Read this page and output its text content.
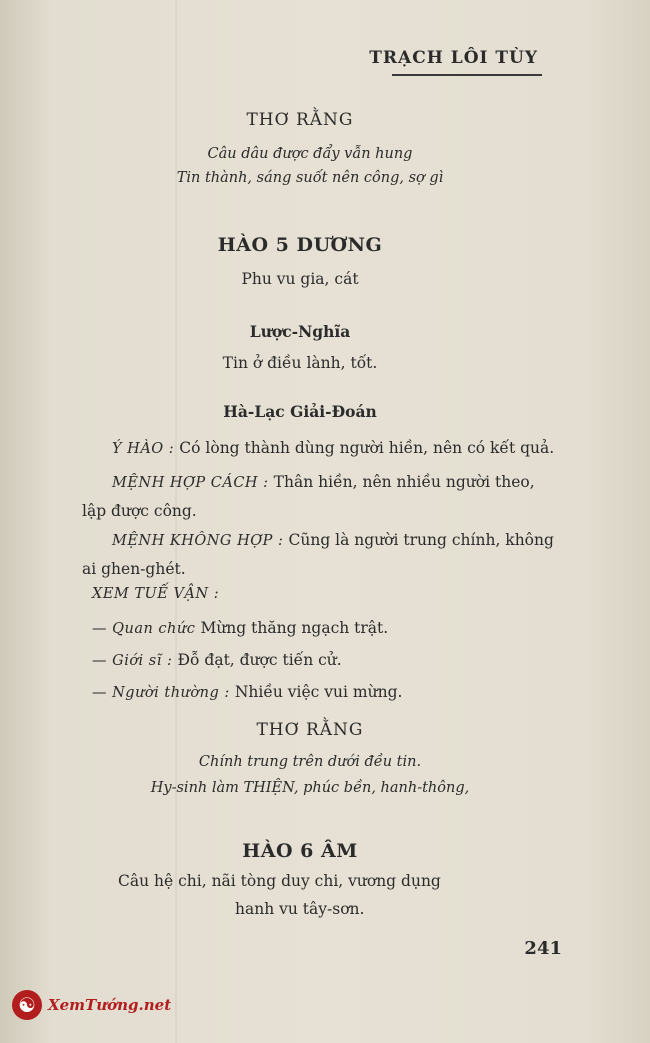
TRẠCH LÔI TÙY
THƠ RẰNG
Câu dâu được đẩy vẫn hung
Tin thành, sáng suốt nên công, sợ gì
HÀO 5 DƯƠNG
Phu vu gia, cát
Lược-Nghĩa
Tin ở điều lành, tốt.
Hà-Lạc Giải-Đoán
Ý HÀO : Có lòng thành dùng người hiền, nên có kết quả.
MỆNH HỢP CÁCH : Thân hiền, nên nhiều người theo,
lập được công.
MỆNH KHÔNG HỢP : Cũng là người trung chính, không
ai ghen-ghét.
XEM TUẾ VẬN :
— Quan chức Mừng thăng ngạch trật.
— Giới sĩ : Đỗ đạt, được tiến cử.
— Người thường : Nhiều việc vui mừng.
THƠ RẰNG
Chính trung trên dưới đều tin.
Hy-sinh làm THIỆN, phúc bền, hanh-thông,
HÀO 6 ÂM
Câu hệ chi, nãi tòng duy chi, vương dụng
hanh vu tây-sơn.
241
☯ XemTướng.net
